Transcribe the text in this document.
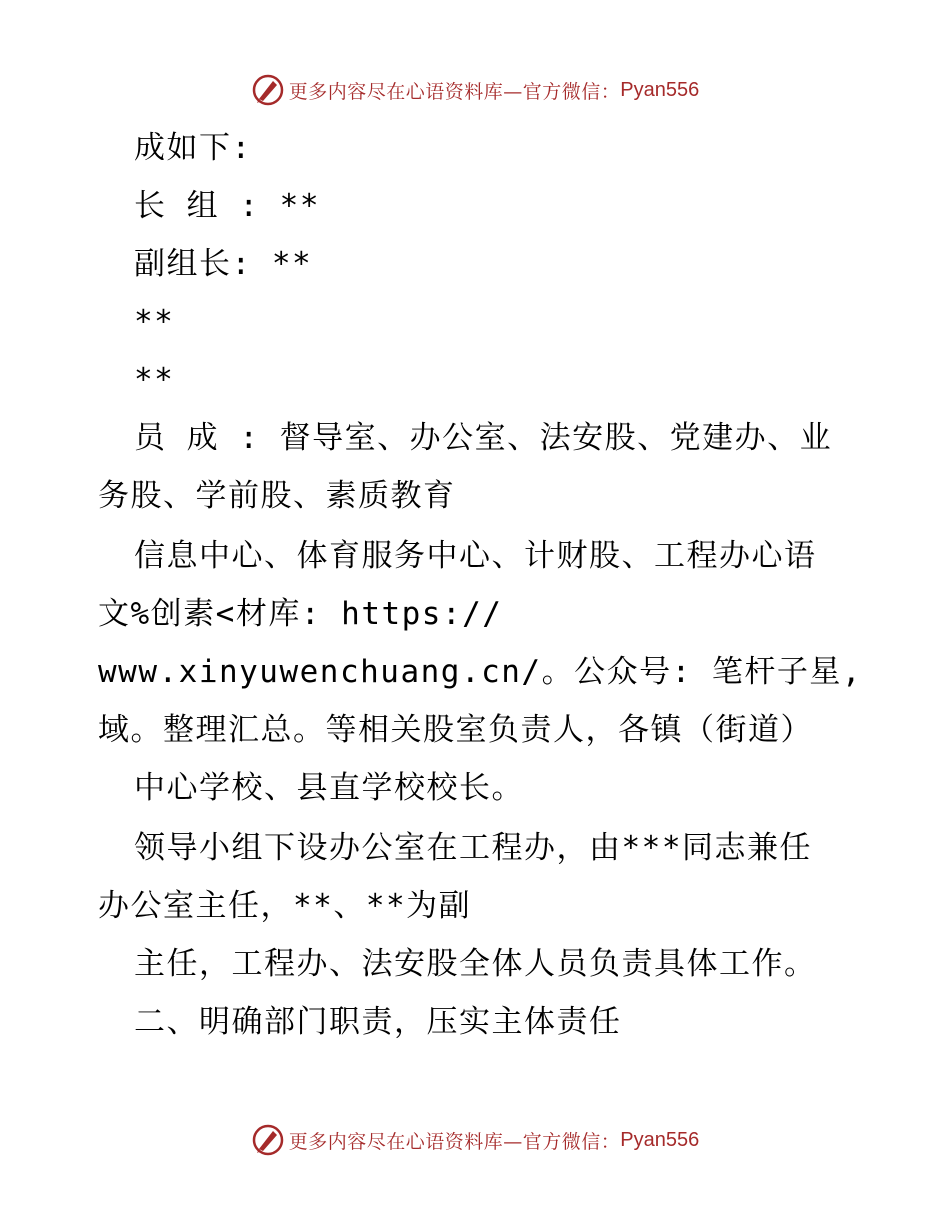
更多内容尽在心语资料库—官方微信： Pyan556
成如下:
长 组 : **
副组长: **
**
**
员 成 : 督导室、办公室、法安股、党建办、业
务股、学前股、素质教育
信息中心、体育服务中心、计财股、工程办心语
文%创素<材库: https://
www.xinyuwenchuang.cn/。公众号: 笔杆子星,
域。整理汇总。等相关股室负责人，各镇（街道）
中心学校、县直学校校长。
领导小组下设办公室在工程办，由***同志兼任
办公室主任，**、**为副
主任，工程办、法安股全体人员负责具体工作。
二、明确部门职责，压实主体责任
更多内容尽在心语资料库—官方微信： Pyan556
